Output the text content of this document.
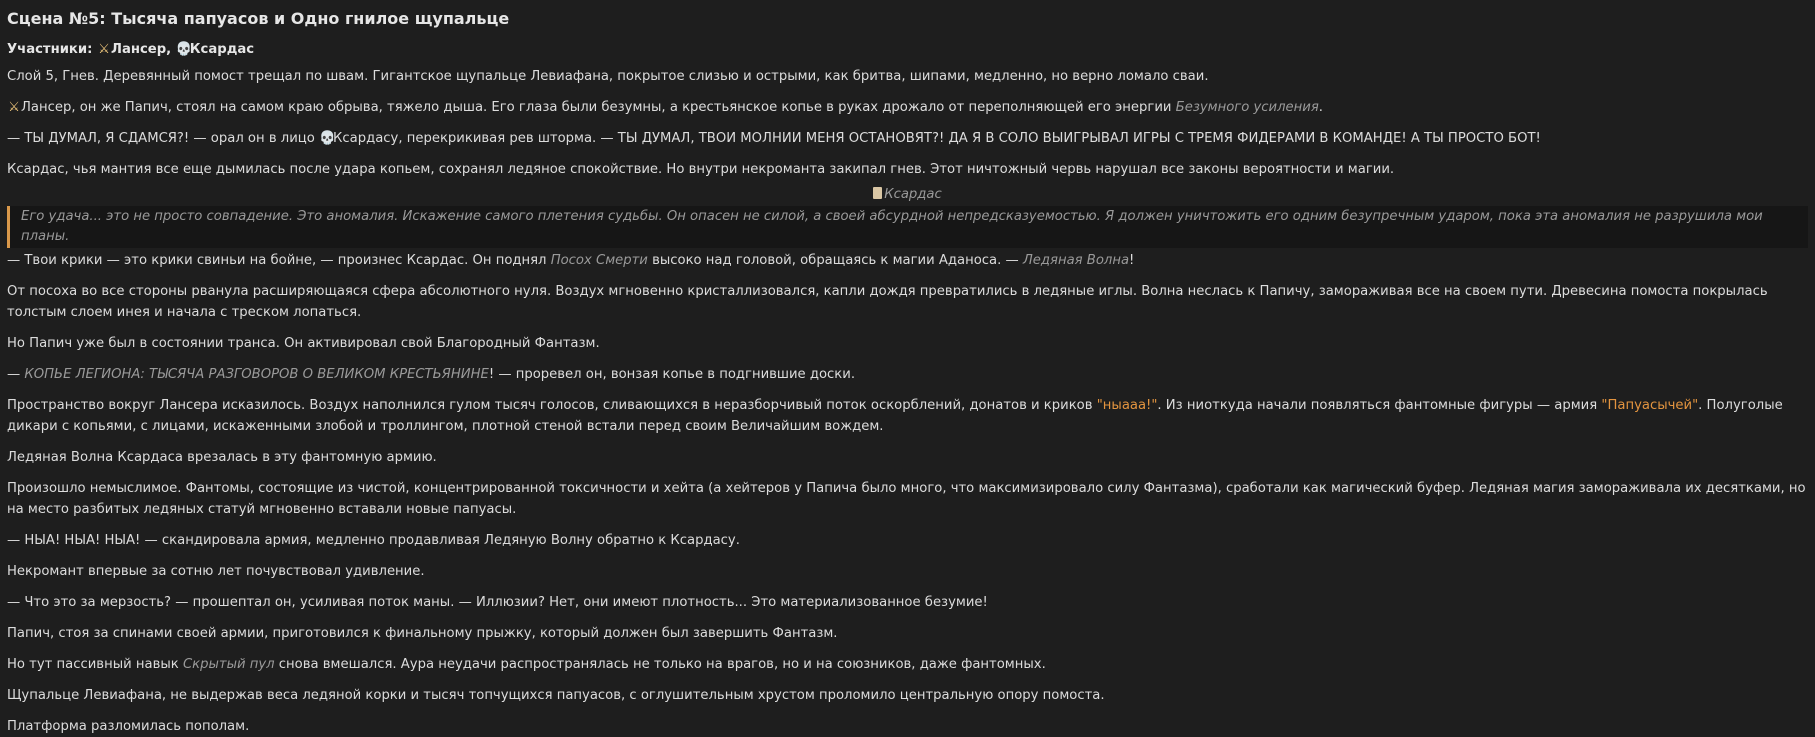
Сцена №5: Тысяча папуасов и Одно гнилое щупальце
Участники: ⚔Лансер, 💀Ксардас

Слой 5, Гнев. Деревянный помост трещал по швам. Гигантское щупальце Левиафана, покрытое слизью и острыми, как бритва, шипами, медленно, но верно ломало сваи.

⚔Лансер, он же Папич, стоял на самом краю обрыва, тяжело дыша. Его глаза были безумны, а крестьянское копье в руках дрожало от переполняющей его энергии Безумного усиления.

— ТЫ ДУМАЛ, Я СДАМСЯ?! — орал он в лицо 💀Ксардасу, перекрикивая рев шторма. — ТЫ ДУМАЛ, ТВОИ МОЛНИИ МЕНЯ ОСТАНОВЯТ?! ДА Я В СОЛО ВЫИГРЫВАЛ ИГРЫ С ТРЕМЯ ФИДЕРАМИ В КОМАНДЕ! А ТЫ ПРОСТО БОТ!

Ксардас, чья мантия все еще дымилась после удара копьем, сохранял ледяное спокойствие. Но внутри некроманта закипал гнев. Этот ничтожный червь нарушал все законы вероятности и магии.

Ксардас
Его удача... это не просто совпадение. Это аномалия. Искажение самого плетения судьбы. Он опасен не силой, а своей абсурдной непредсказуемостью. Я должен уничтожить его одним безупречным ударом, пока эта аномалия не разрушила мои планы.

— Твои крики — это крики свиньи на бойне, — произнес Ксардас. Он поднял Посох Смерти высоко над головой, обращаясь к магии Аданоса. — Ледяная Волна!

От посоха во все стороны рванула расширяющаяся сфера абсолютного нуля. Воздух мгновенно кристаллизовался, капли дождя превратились в ледяные иглы. Волна неслась к Папичу, замораживая все на своем пути. Древесина помоста покрылась толстым слоем инея и начала с треском лопаться.

Но Папич уже был в состоянии транса. Он активировал свой Благородный Фантазм.

— КОПЬЕ ЛЕГИОНА: ТЫСЯЧА РАЗГОВОРОВ О ВЕЛИКОМ КРЕСТЬЯНИНЕ! — проревел он, вонзая копье в подгнившие доски.

Пространство вокруг Лансера исказилось. Воздух наполнился гулом тысяч голосов, сливающихся в неразборчивый поток оскорблений, донатов и криков "ныааа!". Из ниоткуда начали появляться фантомные фигуры — армия "Папуасычей". Полуголые дикари с копьями, с лицами, искаженными злобой и троллингом, плотной стеной встали перед своим Величайшим вождем.

Ледяная Волна Ксардаса врезалась в эту фантомную армию.

Произошло немыслимое. Фантомы, состоящие из чистой, концентрированной токсичности и хейта (а хейтеров у Папича было много, что максимизировало силу Фантазма), сработали как магический буфер. Ледяная магия замораживала их десятками, но на место разбитых ледяных статуй мгновенно вставали новые папуасы.

— НЫА! НЫА! НЫА! — скандировала армия, медленно продавливая Ледяную Волну обратно к Ксардасу.

Некромант впервые за сотню лет почувствовал удивление.

— Что это за мерзость? — прошептал он, усиливая поток маны. — Иллюзии? Нет, они имеют плотность... Это материализованное безумие!

Папич, стоя за спинами своей армии, приготовился к финальному прыжку, который должен был завершить Фантазм.

Но тут пассивный навык Скрытый пул снова вмешался. Аура неудачи распространялась не только на врагов, но и на союзников, даже фантомных.

Щупальце Левиафана, не выдержав веса ледяной корки и тысяч топчущихся папуасов, с оглушительным хрустом проломило центральную опору помоста.

Платформа разломилась пополам.
